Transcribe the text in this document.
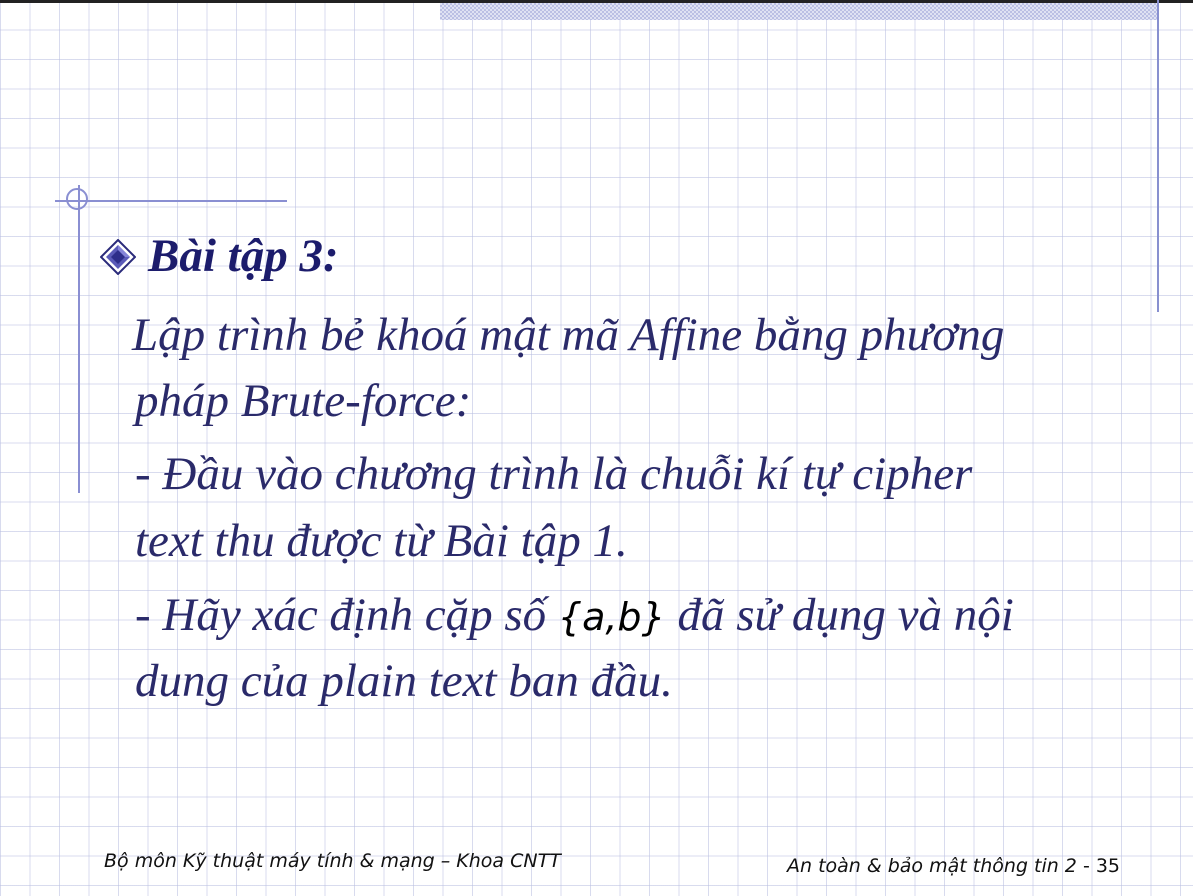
Bài tập 3:

Lập trình bẻ khoá mật mã Affine bằng phương

pháp Brute-force:

- Đầu vào chương trình là chuỗi kí tự cipher

text thu được từ Bài tập 1.

- Hãy xác định cặp số {a,b} đã sử dụng và nội

dung của plain text ban đầu.

Bộ môn Kỹ thuật máy tính & mạng – Khoa CNTT	An toàn & bảo mật thông tin 2 - 35
